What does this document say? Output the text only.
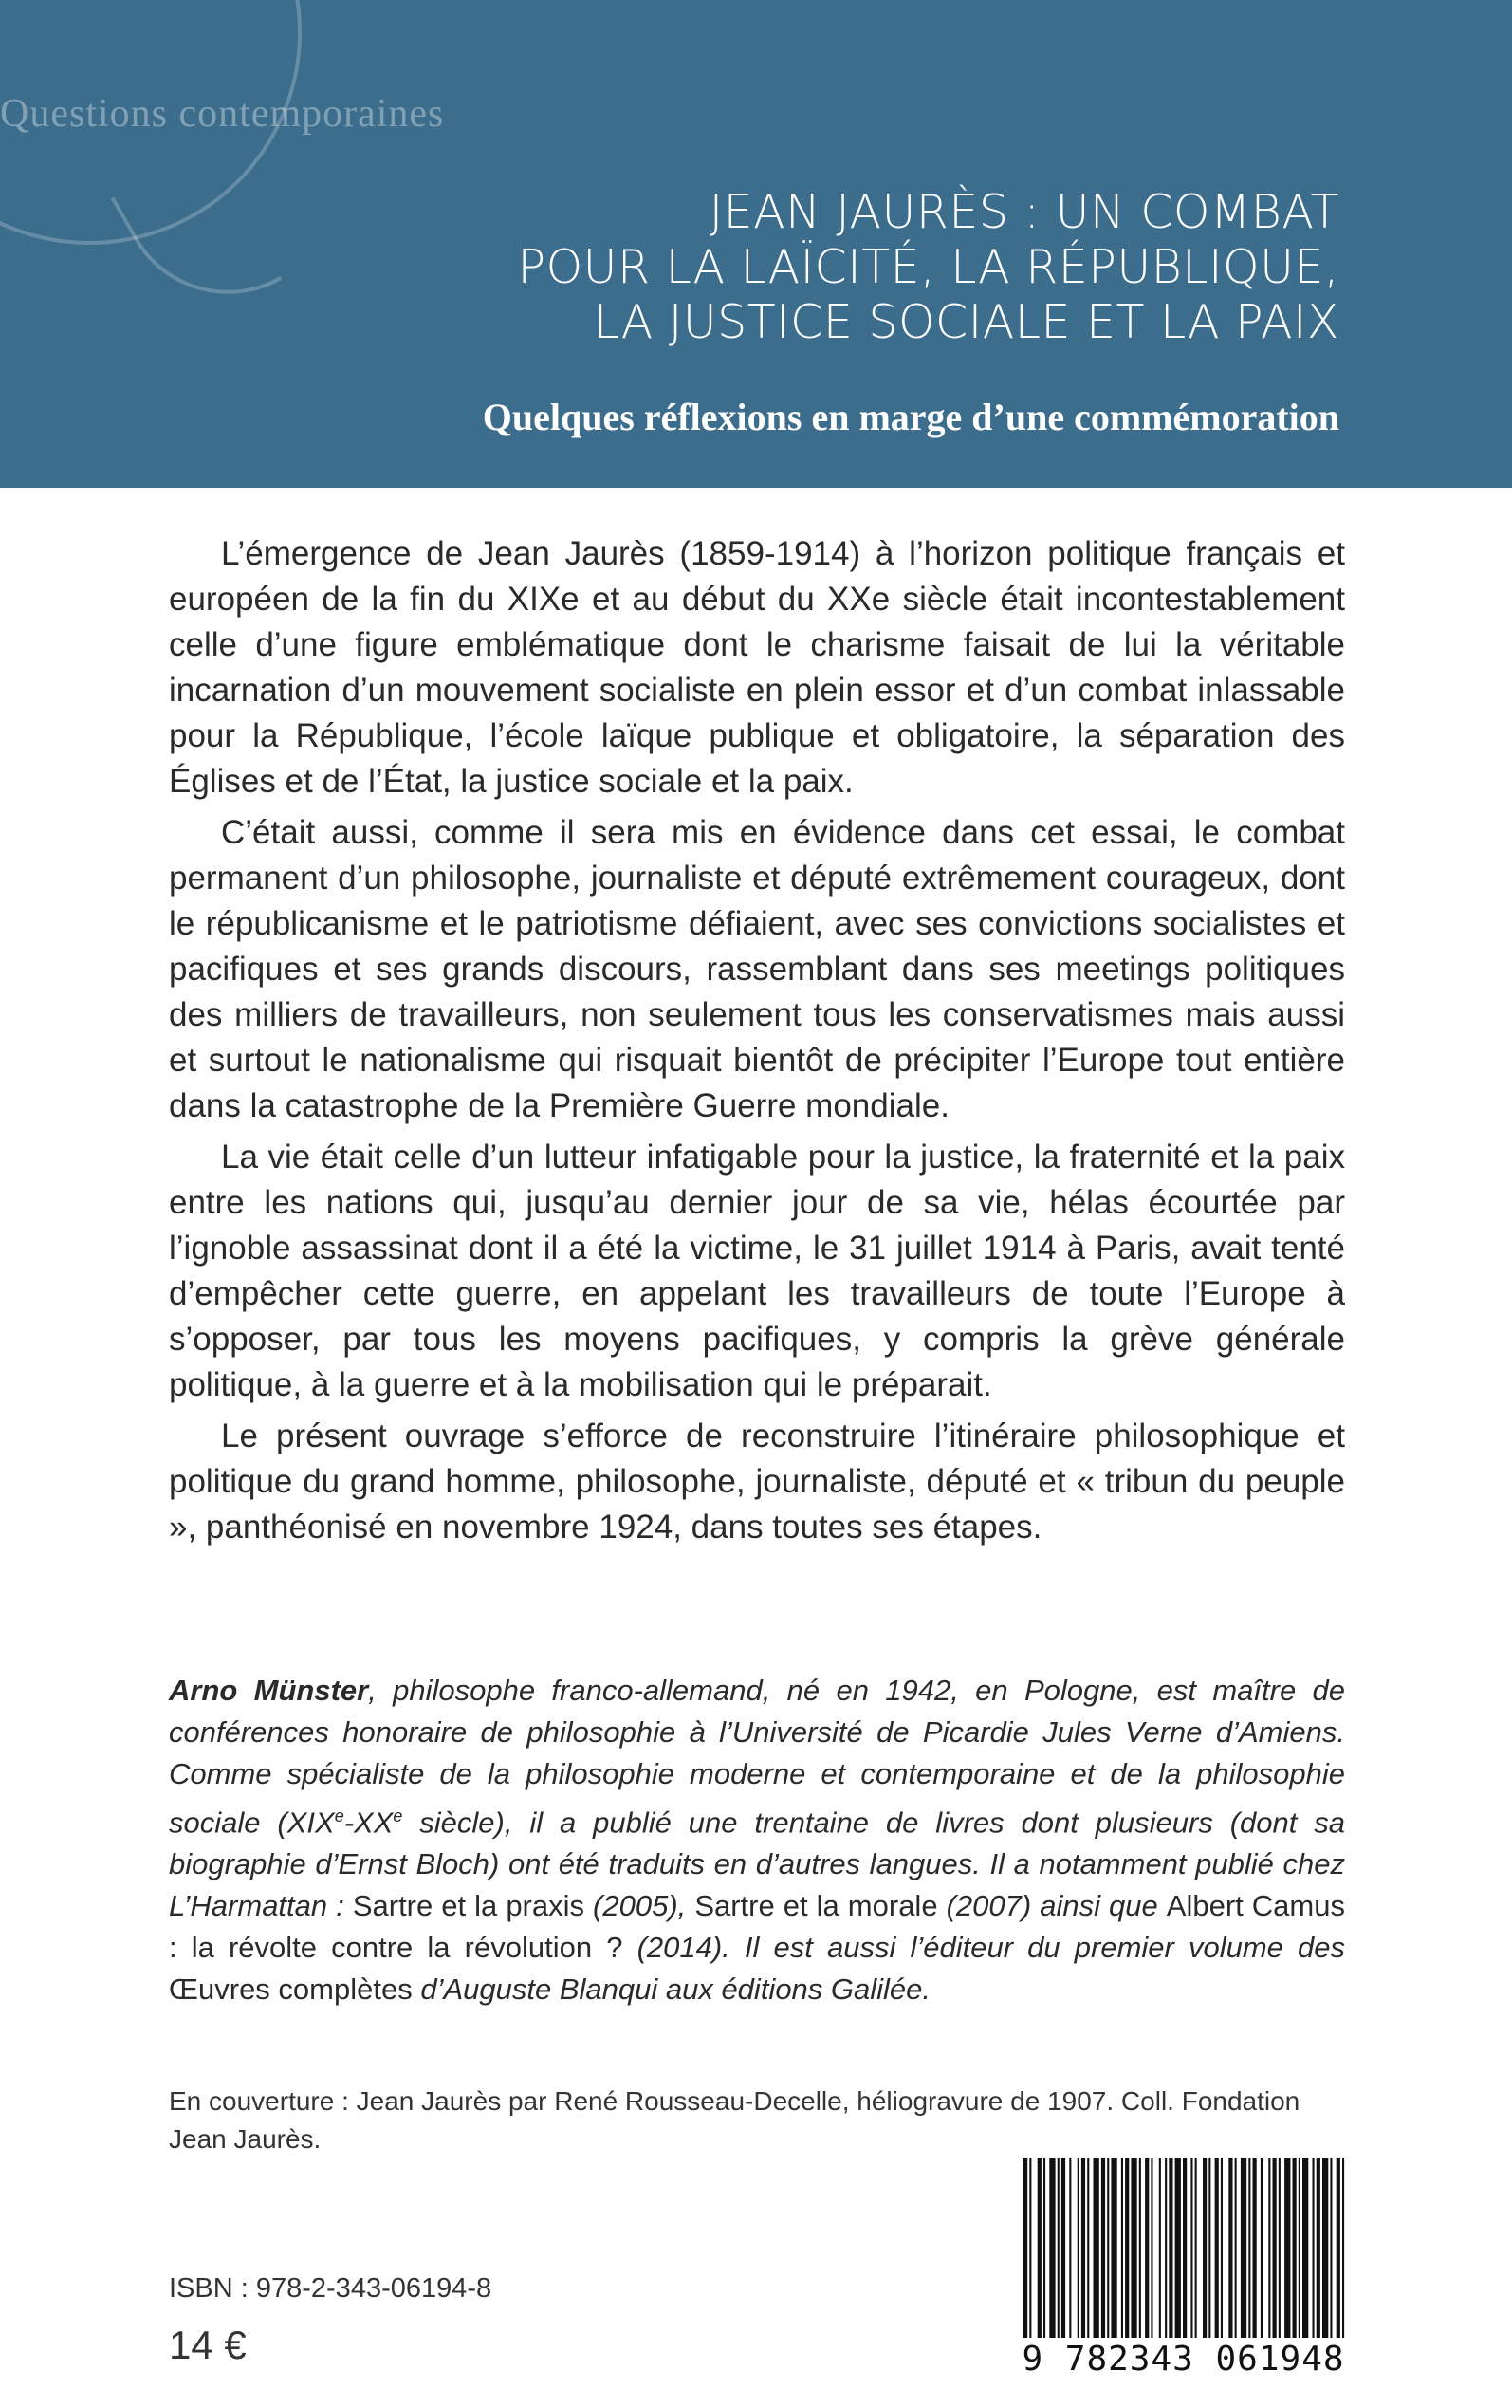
Questions contemporaines
JEAN JAURÈS : UN COMBAT
POUR LA LAÏCITÉ, LA RÉPUBLIQUE,
LA JUSTICE SOCIALE ET LA PAIX
Quelques réflexions en marge d’une commémoration

L’émergence de Jean Jaurès (1859-1914) à l’horizon politique français et européen de la fin du XIXe et au début du XXe siècle était incontestablement celle d’une figure emblématique dont le charisme faisait de lui la véritable incarnation d’un mouvement socialiste en plein essor et d’un combat inlassable pour la République, l’école laïque publique et obligatoire, la séparation des Églises et de l’État, la justice sociale et la paix.

C’était aussi, comme il sera mis en évidence dans cet essai, le combat permanent d’un philosophe, journaliste et député extrêmement courageux, dont le républicanisme et le patriotisme défiaient, avec ses convictions socialistes et pacifiques et ses grands discours, rassemblant dans ses meetings politiques des milliers de travailleurs, non seulement tous les conservatismes mais aussi et surtout le nationalisme qui risquait bientôt de précipiter l’Europe tout entière dans la catastrophe de la Première Guerre mondiale.

La vie était celle d’un lutteur infatigable pour la justice, la fraternité et la paix entre les nations qui, jusqu’au dernier jour de sa vie, hélas écourtée par l’ignoble assassinat dont il a été la victime, le 31 juillet 1914 à Paris, avait tenté d’empêcher cette guerre, en appelant les travailleurs de toute l’Europe à s’opposer, par tous les moyens pacifiques, y compris la grève générale politique, à la guerre et à la mobilisation qui le préparait.

Le présent ouvrage s’efforce de reconstruire l’itinéraire philosophique et politique du grand homme, philosophe, journaliste, député et « tribun du peuple », panthéonisé en novembre 1924, dans toutes ses étapes.

Arno Münster, philosophe franco-allemand, né en 1942, en Pologne, est maître de conférences honoraire de philosophie à l’Université de Picardie Jules Verne d’Amiens. Comme spécialiste de la philosophie moderne et contemporaine et de la philosophie sociale (XIXe-XXe siècle), il a publié une trentaine de livres dont plusieurs (dont sa biographie d’Ernst Bloch) ont été traduits en d’autres langues. Il a notamment publié chez L’Harmattan : Sartre et la praxis (2005), Sartre et la morale (2007) ainsi que Albert Camus : la révolte contre la révolution ? (2014). Il est aussi l’éditeur du premier volume des Œuvres complètes d’Auguste Blanqui aux éditions Galilée.
En couverture : Jean Jaurès par René Rousseau-Decelle, héliogravure de 1907. Coll. Fondation Jean Jaurès.
ISBN : 978-2-343-06194-8
14 €	9 782343 061948
